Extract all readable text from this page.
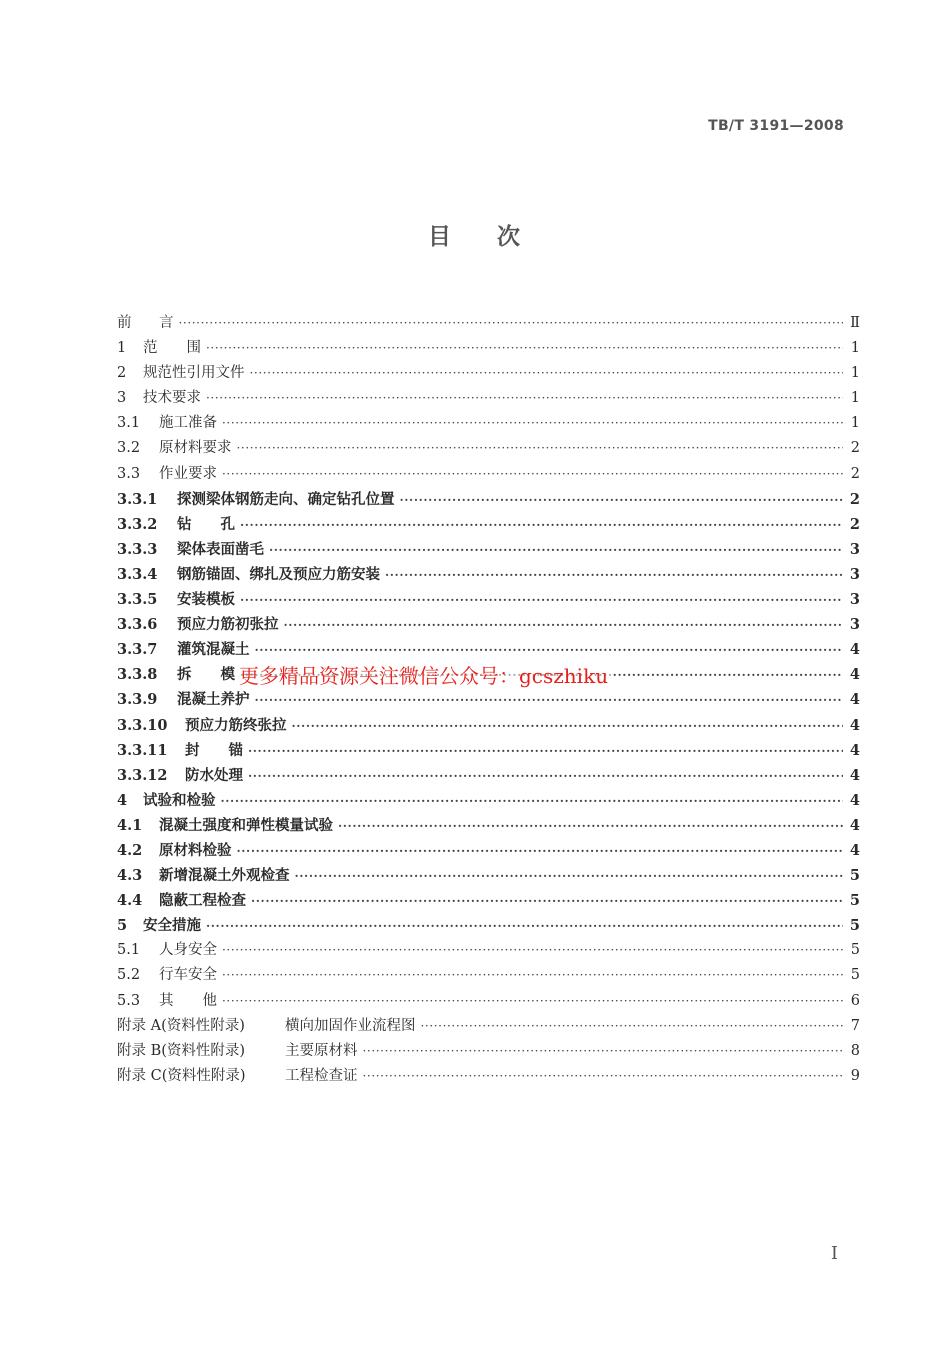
TB/T 3191—2008
目 次
前	言 ·····	Ⅱ
1	范　　围 ·····	1
2	规范性引用文件 ·····	1
3	技术要求 ·····	1
3.1	施工准备 ·····	1
3.2	原材料要求 ·····	2
3.3	作业要求 ·····	2
3.3.1	探测梁体钢筋走向、确定钻孔位置 ·····	2
3.3.2	钻　　孔 ·····	2
3.3.3	梁体表面凿毛 ·····	3
3.3.4	钢筋锚固、绑扎及预应力筋安装 ·····	3
3.3.5	安装模板 ·····	3
3.3.6	预应力筋初张拉 ·····	3
3.3.7	灌筑混凝土 ·····	4
3.3.8	拆　　模 ·····	4
3.3.9	混凝土养护 ·····	4
3.3.10	预应力筋终张拉 ·····	4
3.3.11	封　　锚 ·····	4
3.3.12	防水处理 ·····	4
4	试验和检验 ·····	4
4.1	混凝土强度和弹性模量试验 ·····	4
4.2	原材料检验 ·····	4
4.3	新增混凝土外观检查 ·····	5
4.4	隐蔽工程检查 ·····	5
5	安全措施 ·····	5
5.1	人身安全 ·····	5
5.2	行车安全 ·····	5
5.3	其　　他 ·····	6
附录 A(资料性附录)	横向加固作业流程图 ·····	7
附录 B(资料性附录)	主要原材料 ·····	8
附录 C(资料性附录)	工程检查证 ·····	9
更多精品资源关注微信公众号：gcszhiku
I
